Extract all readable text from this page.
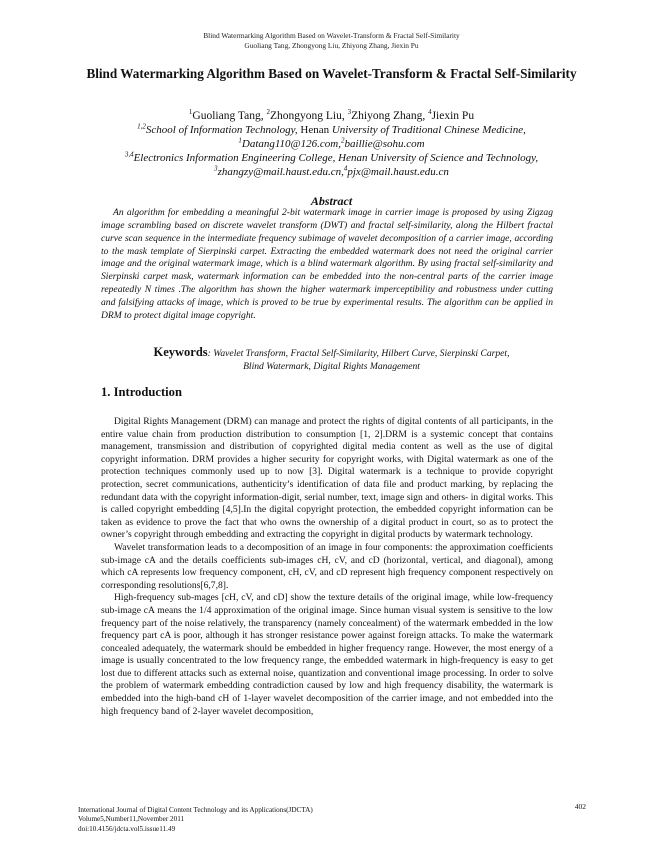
Blind Watermarking Algorithm Based on Wavelet-Transform & Fractal Self-Similarity
Guoliang Tang, Zhongyong Liu, Zhiyong Zhang, Jiexin Pu
Blind Watermarking Algorithm Based on Wavelet-Transform & Fractal Self-Similarity
$^1$Guoliang Tang, $^2$Zhongyong Liu, $^3$Zhiyong Zhang, $^4$Jiexin Pu
$^{1,2}$School of Information Technology, Henan University of Traditional Chinese Medicine,
$^1$Datang110@126.com,$^2$baillie@sohu.com
$^{3,4}$Electronics Information Engineering College, Henan University of Science and Technology,
$^3$zhangzy@mail.haust.edu.cn,$^4$pjx@mail.haust.edu.cn
Abstract
An algorithm for embedding a meaningful 2-bit watermark image in carrier image is proposed by using Zigzag image scrambling based on discrete wavelet transform (DWT) and fractal self-similarity, along the Hilbert fractal curve scan sequence in the intermediate frequency subimage of wavelet decomposition of a carrier image, according to the mask template of Sierpinski carpet. Extracting the embedded watermark does not need the original carrier image and the original watermark image, which is a blind watermark algorithm. By using fractal self-similarity and Sierpinski carpet mask, watermark information can be embedded into the non-central parts of the carrier image repeatedly N times .The algorithm has shown the higher watermark imperceptibility and robustness under cutting and falsifying attacks of image, which is proved to be true by experimental results. The algorithm can be applied in DRM to protect digital image copyright.
Keywords: Wavelet Transform, Fractal Self-Similarity, Hilbert Curve, Sierpinski Carpet,
Blind Watermark, Digital Rights Management
1. Introduction

Digital Rights Management (DRM) can manage and protect the rights of digital contents of all participants, in the entire value chain from production distribution to consumption [1, 2].DRM is a systemic concept that contains management, transmission and distribution of copyrighted digital media content as well as the use of digital copyright information. DRM provides a higher security for copyright works, with Digital watermark as one of the protection techniques commonly used up to now [3]. Digital watermark is a technique to provide copyright protection, secret communications, authenticity’s identification of data file and product marking, by replacing the redundant data with the copyright information-digit, serial number, text, image sign and others- in digital works. This is called copyright embedding [4,5].In the digital copyright protection, the embedded copyright information can be taken as evidence to prove the fact that who owns the ownership of a digital product in court, so as to protect the owner’s copyright through embedding and extracting the copyright in digital products by watermark technology.

Wavelet transformation leads to a decomposition of an image in four components: the approximation coefficients sub-image cA and the details coefficients sub-images cH, cV, and cD (horizontal, vertical, and diagonal), among which cA represents low frequency component, cH, cV, and cD represent high frequency component respectively on corresponding resolutions[6,7,8].

High-frequency sub-mages [cH, cV, and cD] show the texture details of the original image, while low-frequency sub-image cA means the 1/4 approximation of the original image. Since human visual system is sensitive to the low frequency part of the noise relatively, the transparency (namely concealment) of the watermark embedded in the low frequency part cA is poor, although it has stronger resistance power against foreign attacks. To make the watermark concealed adequately, the watermark should be embedded in higher frequency range. However, the most energy of a image is usually concentrated to the low frequency range, the embedded watermark in high-frequency is easy to get lost due to different attacks such as external noise, quantization and conventional image processing. In order to solve the problem of watermark embedding contradiction caused by low and high frequency disability, the watermark is embedded into the high-band cH of 1-layer wavelet decomposition of the carrier image, and not embedded into the high frequency band of 2-layer wavelet decomposition,

International Journal of Digital Content Technology and its Applications(JDCTA)
Volume5,Number11,November 2011
doi:10.4156/jdcta.vol5.issue11.49
402
